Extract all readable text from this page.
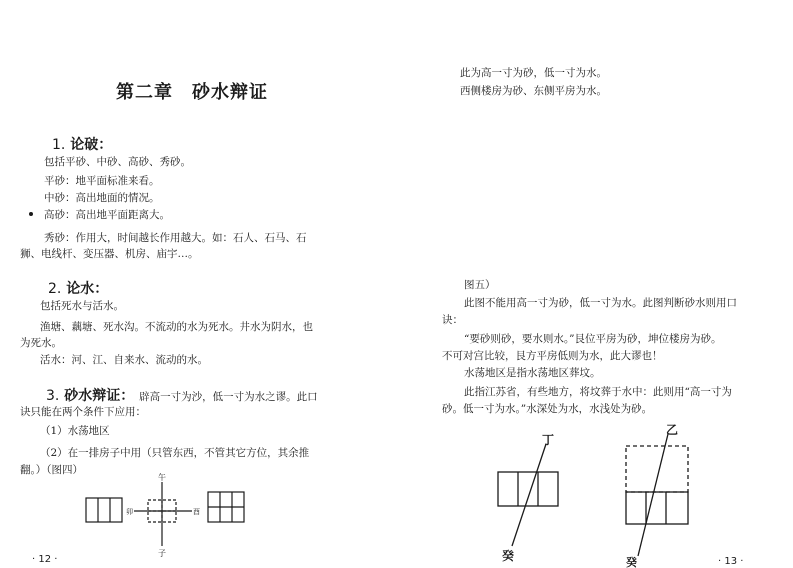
第二章　砂水辩证
1. 论破：
包括平砂、中砂、高砂、秀砂。
平砂：地平面标准来看。
中砂：高出地面的情况。
高砂：高出地平面距离大。
秀砂：作用大，时间越长作用越大。如：石人、石马、石
狮、电线杆、变压器、机房、庙宇…。
2. 论水：
包括死水与活水。
渔塘、藕塘、死水沟。不流动的水为死水。井水为阴水，也
为死水。
活水：河、江、自来水、流动的水。
3. 砂水辩证： 辟高一寸为沙，低一寸为水之谬。此口
诀只能在两个条件下应用：
（1）水荡地区
（2）在一排房子中用（只管东西，不管其它方位，其余推
翻。）（图四）
午
子
卯	酉
· 12 ·
此为高一寸为砂，低一寸为水。
西侧楼房为砂、东侧平房为水。
图五）
此图不能用高一寸为砂，低一寸为水。此图判断砂水则用口
诀：
“要砂则砂，要水则水。”艮位平房为砂，坤位楼房为砂。
不可对宫比较，艮方平房低则为水，此大谬也！
水荡地区是指水荡地区葬坟。
此指江苏省，有些地方，将坟葬于水中：此则用“高一寸为
砂。低一寸为水。”水深处为水，水浅处为砂。
丁
癸
乙
癸	· 13 ·
